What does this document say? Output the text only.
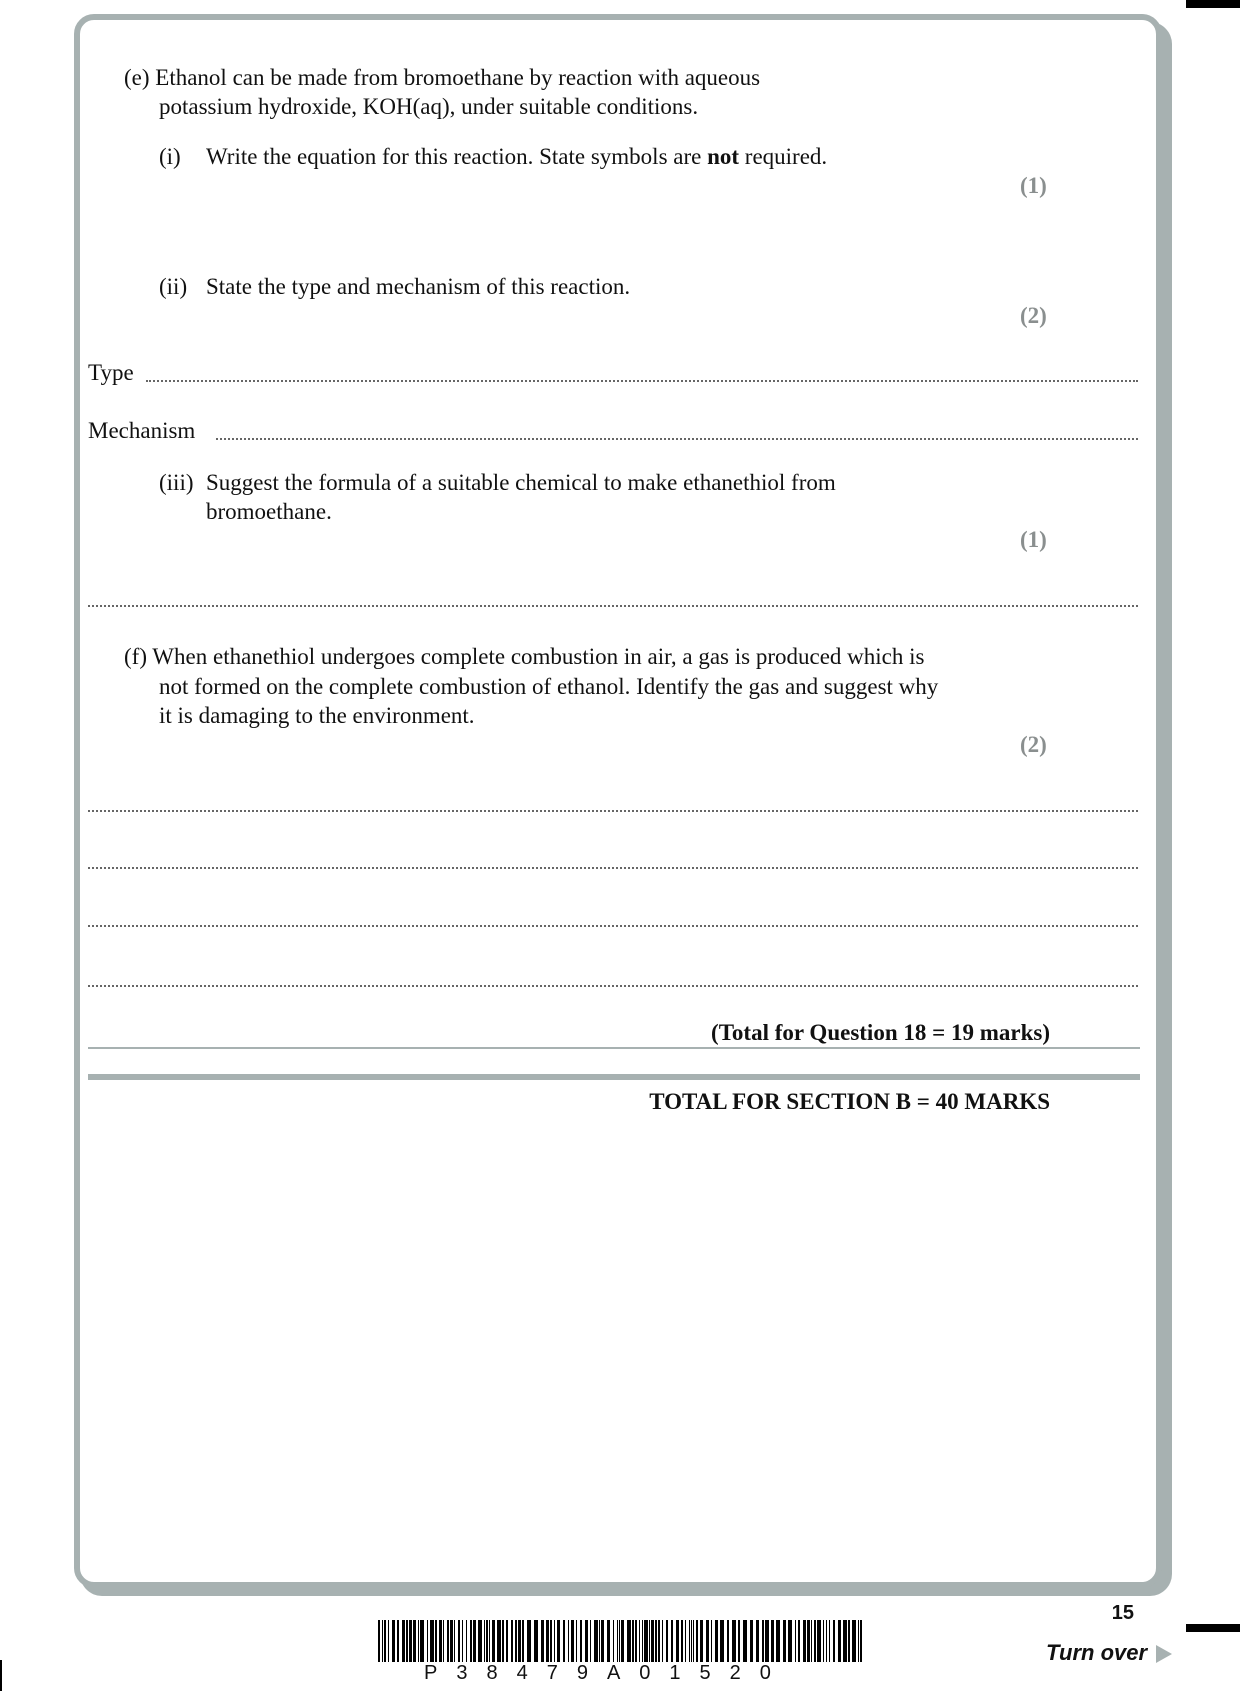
(e) Ethanol can be made from bromoethane by reaction with aqueous
potassium hydroxide, KOH(aq), under suitable conditions.
(i) Write the equation for this reaction. State symbols are not required.
(1)
(ii) State the type and mechanism of this reaction.
(2)
Type
Mechanism
(iii) Suggest the formula of a suitable chemical to make ethanethiol from
bromoethane.
(1)
(f) When ethanethiol undergoes complete combustion in air, a gas is produced which is
not formed on the complete combustion of ethanol. Identify the gas and suggest why
it is damaging to the environment.
(2)
(Total for Question 18 = 19 marks)
TOTAL FOR SECTION B = 40 MARKS
15
Turn over
P38479A01520
